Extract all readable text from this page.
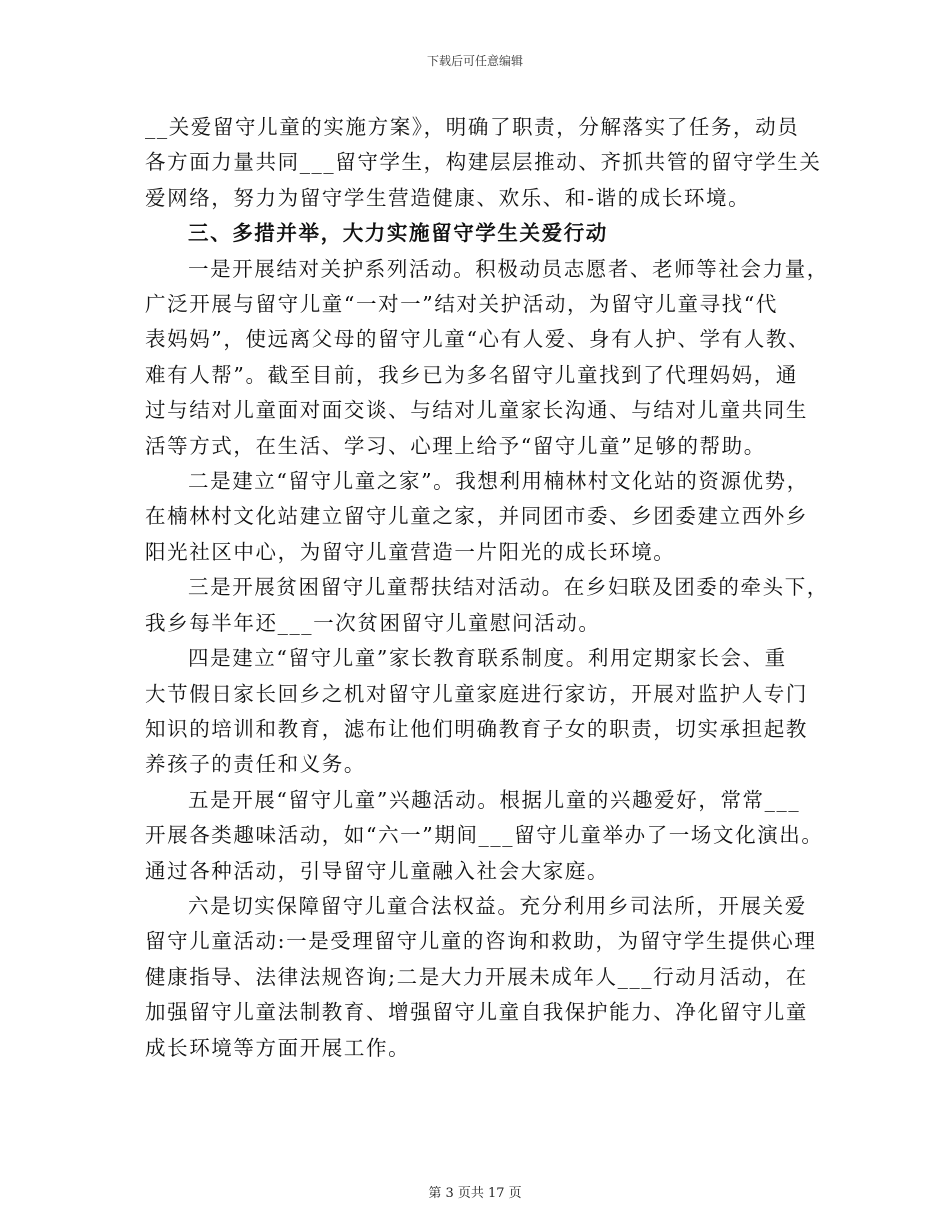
下载后可任意编辑
__关爱留守儿童的实施方案》，明确了职责，分解落实了任务，动员
各方面力量共同___留守学生，构建层层推动、齐抓共管的留守学生关
爱网络，努力为留守学生营造健康、欢乐、和-谐的成长环境。
三、多措并举，大力实施留守学生关爱行动
一是开展结对关护系列活动。积极动员志愿者、老师等社会力量，
广泛开展与留守儿童“一对一”结对关护活动，为留守儿童寻找“代
表妈妈”，使远离父母的留守儿童“心有人爱、身有人护、学有人教、
难有人帮”。截至目前，我乡已为多名留守儿童找到了代理妈妈，通
过与结对儿童面对面交谈、与结对儿童家长沟通、与结对儿童共同生
活等方式，在生活、学习、心理上给予“留守儿童”足够的帮助。
二是建立“留守儿童之家”。我想利用楠林村文化站的资源优势，
在楠林村文化站建立留守儿童之家，并同团市委、乡团委建立西外乡
阳光社区中心，为留守儿童营造一片阳光的成长环境。
三是开展贫困留守儿童帮扶结对活动。在乡妇联及团委的牵头下，
我乡每半年还___一次贫困留守儿童慰问活动。
四是建立“留守儿童”家长教育联系制度。利用定期家长会、重
大节假日家长回乡之机对留守儿童家庭进行家访，开展对监护人专门
知识的培训和教育，滤布让他们明确教育子女的职责，切实承担起教
养孩子的责任和义务。
五是开展“留守儿童”兴趣活动。根据儿童的兴趣爱好，常常___
开展各类趣味活动，如“六一”期间___留守儿童举办了一场文化演出。
通过各种活动，引导留守儿童融入社会大家庭。
六是切实保障留守儿童合法权益。充分利用乡司法所，开展关爱
留守儿童活动:一是受理留守儿童的咨询和救助，为留守学生提供心理
健康指导、法律法规咨询;二是大力开展未成年人___行动月活动，在
加强留守儿童法制教育、增强留守儿童自我保护能力、净化留守儿童
成长环境等方面开展工作。
第 3 页共 17 页
